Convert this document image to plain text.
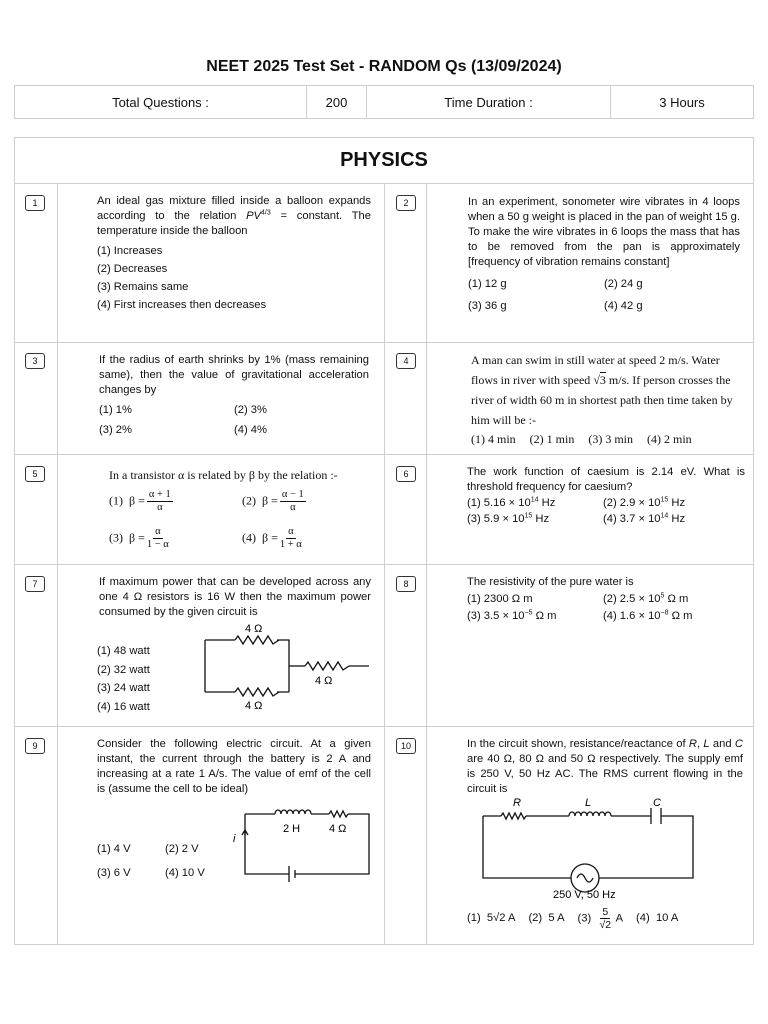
NEET 2025 Test Set - RANDOM Qs (13/09/2024)
Total Questions :	200	Time Duration :	3 Hours
PHYSICS
1	An ideal gas mixture filled inside a balloon expands according to the relation $PV^{4/3}$ = constant. The temperature inside the balloon
(1) Increases
(2) Decreases
(3) Remains same
(4) First increases then decreases
2	In an experiment, sonometer wire vibrates in 4 loops when a 50 g weight is placed in the pan of weight 15 g. To make the wire vibrates in 6 loops the mass that has to be removed from the pan is approximately [frequency of vibration remains constant]
(1) 12 g	(2) 24 g
(3) 36 g	(4) 42 g
3	If the radius of earth shrinks by 1% (mass remaining same), then the value of gravitational acceleration changes by
(1) 1%	(2) 3%
(3) 2%	(4) 4%
4	A man can swim in still water at speed 2 m/s. Water flows in river with speed √3 m/s. If person crosses the river of width 60 m in shortest path then time taken by him will be :-
(1) 4 min (2) 1 min (3) 3 min (4) 2 min
5	In a transistor α is related by β by the relation :-
(1) $\beta = \frac{\alpha + 1}{\alpha}$	(2) $\beta = \frac{\alpha - 1}{\alpha}$
(3) $\beta = \frac{\alpha}{1 - \alpha}$	(4) $\beta = \frac{\alpha}{1 + \alpha}$
6	The work function of caesium is 2.14 eV. What is threshold frequency for caesium?
(1) $5.16 \times 10^{14}$ Hz	(2) $2.9 \times 10^{15}$ Hz
(3) $5.9 \times 10^{15}$ Hz	(4) $3.7 \times 10^{14}$ Hz
7	If maximum power that can be developed across any one 4 Ω resistors is 16 W then the maximum power consumed by the given circuit is
(1) 48 watt
(2) 32 watt
(3) 24 watt
(4) 16 watt
4 Ω
4 Ω
4 Ω
8	The resistivity of the pure water is
(1) 2300 Ω m	(2) $2.5 \times 10^5$ Ω m
(3) $3.5 \times 10^{-5}$ Ω m	(4) $1.6 \times 10^{-8}$ Ω m
9	Consider the following electric circuit. At a given instant, the current through the battery is 2 A and increasing at a rate 1 A/s. The value of emf of the cell is (assume the cell to be ideal)
(1) 4 V	(2) 2 V
(3) 6 V	(4) 10 V
2 H	4 Ω
i
10	In the circuit shown, resistance/reactance of R, L and C are 40 Ω, 80 Ω and 50 Ω respectively. The supply emf is 250 V, 50 Hz AC. The RMS current flowing in the circuit is
R	L	C
250 V, 50 Hz
(1) 5√2 A (2) 5 A $(3) \frac{5}{√2}$ A (4) 10 A
